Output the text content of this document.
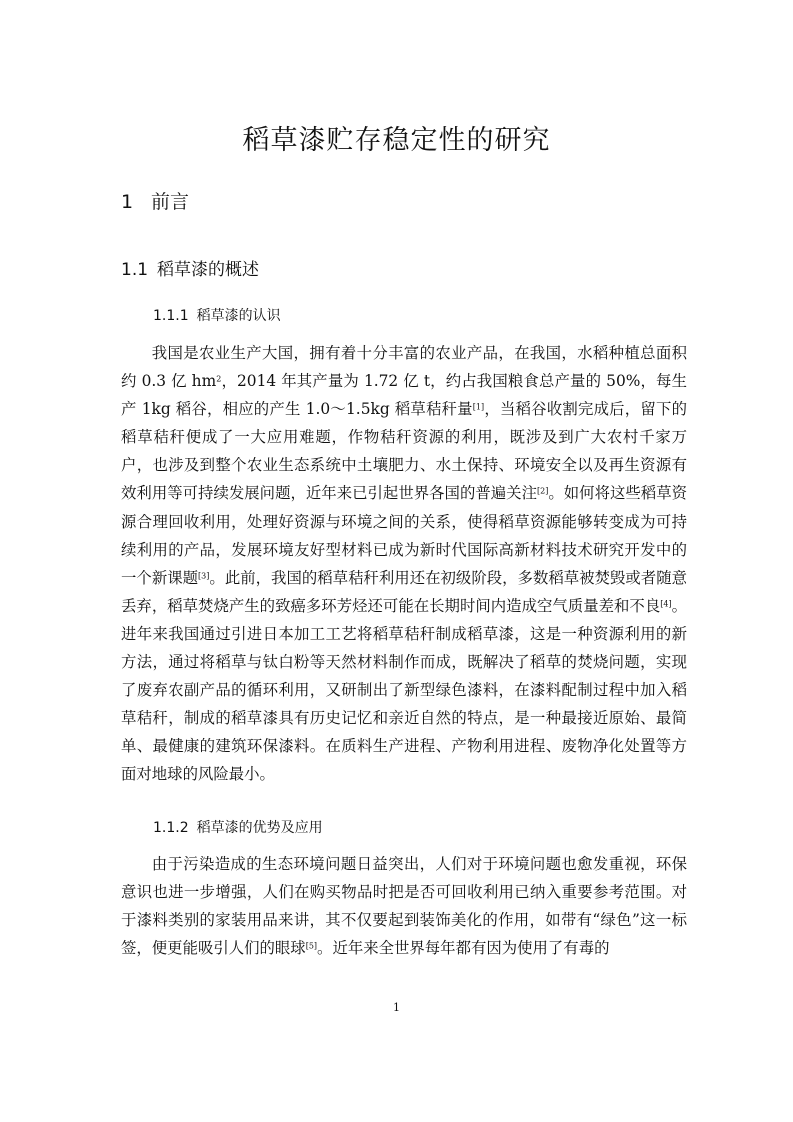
稻草漆贮存稳定性的研究
1 前言
1.1 稻草漆的概述
1.1.1 稻草漆的认识

我国是农业生产大国，拥有着十分丰富的农业产品，在我国，水稻种植总面积约 0.3 亿 $hm^2$，2014 年其产量为 1.72 亿 t，约占我国粮食总产量的 50%，每生产 1kg 稻谷，相应的产生 1.0～1.5kg 稻草秸秆量[1]，当稻谷收割完成后，留下的稻草秸秆便成了一大应用难题，作物秸秆资源的利用，既涉及到广大农村千家万户，也涉及到整个农业生态系统中土壤肥力、水土保持、环境安全以及再生资源有效利用等可持续发展问题，近年来已引起世界各国的普遍关注[2]。如何将这些稻草资源合理回收利用，处理好资源与环境之间的关系，使得稻草资源能够转变成为可持续利用的产品，发展环境友好型材料已成为新时代国际高新材料技术研究开发中的一个新课题[3]。此前，我国的稻草秸秆利用还在初级阶段，多数稻草被焚毁或者随意丢弃，稻草焚烧产生的致癌多环芳烃还可能在长期时间内造成空气质量差和不良[4]。进年来我国通过引进日本加工工艺将稻草秸秆制成稻草漆，这是一种资源利用的新方法，通过将稻草与钛白粉等天然材料制作而成，既解决了稻草的焚烧问题，实现了废弃农副产品的循环利用，又研制出了新型绿色漆料，在漆料配制过程中加入稻草秸秆，制成的稻草漆具有历史记忆和亲近自然的特点，是一种最接近原始、最简单、最健康的建筑环保漆料。在质料生产进程、产物利用进程、废物净化处置等方面对地球的风险最小。

1.1.2 稻草漆的优势及应用

由于污染造成的生态环境问题日益突出，人们对于环境问题也愈发重视，环保意识也进一步增强，人们在购买物品时把是否可回收利用已纳入重要参考范围。对于漆料类别的家装用品来讲，其不仅要起到装饰美化的作用，如带有“绿色”这一标签，便更能吸引人们的眼球[5]。近年来全世界每年都有因为使用了有毒的

1
